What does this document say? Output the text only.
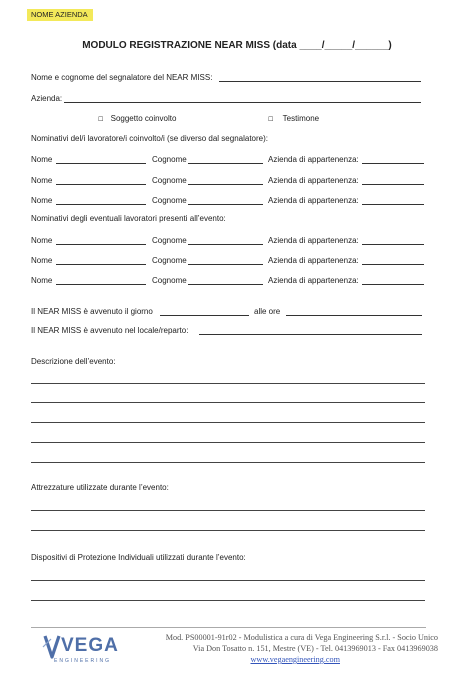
NOME AZIENDA
MODULO REGISTRAZIONE NEAR MISS (data ____/_____/______)
Nome e cognome del segnalatore del NEAR MISS:
Azienda:
☐ Soggetto coinvolto	☐ Testimone
Nominativi del/i lavoratore/i coinvolto/i (se diverso dal segnalatore):
Nome	Cognome	Azienda di appartenenza:
Nome	Cognome	Azienda di appartenenza:
Nome	Cognome	Azienda di appartenenza:
Nominativi degli eventuali lavoratori presenti all’evento:
Nome	Cognome	Azienda di appartenenza:
Nome	Cognome	Azienda di appartenenza:
Nome	Cognome	Azienda di appartenenza:
Il NEAR MISS è avvenuto il giorno	alle ore
Il NEAR MISS è avvenuto nel locale/reparto:
Descrizione dell’evento:
Attrezzature utilizzate durante l’evento:
Dispositivi di Protezione Individuali utilizzati durante l’evento:
VEGA
ENGINEERING
Mod. PS00001-91r02 - Modulistica a cura di Vega Engineering S.r.l. - Socio Unico
Via Don Tosatto n. 151, Mestre (VE) - Tel. 0413969013 - Fax 0413969038
www.vegaengineering.com
